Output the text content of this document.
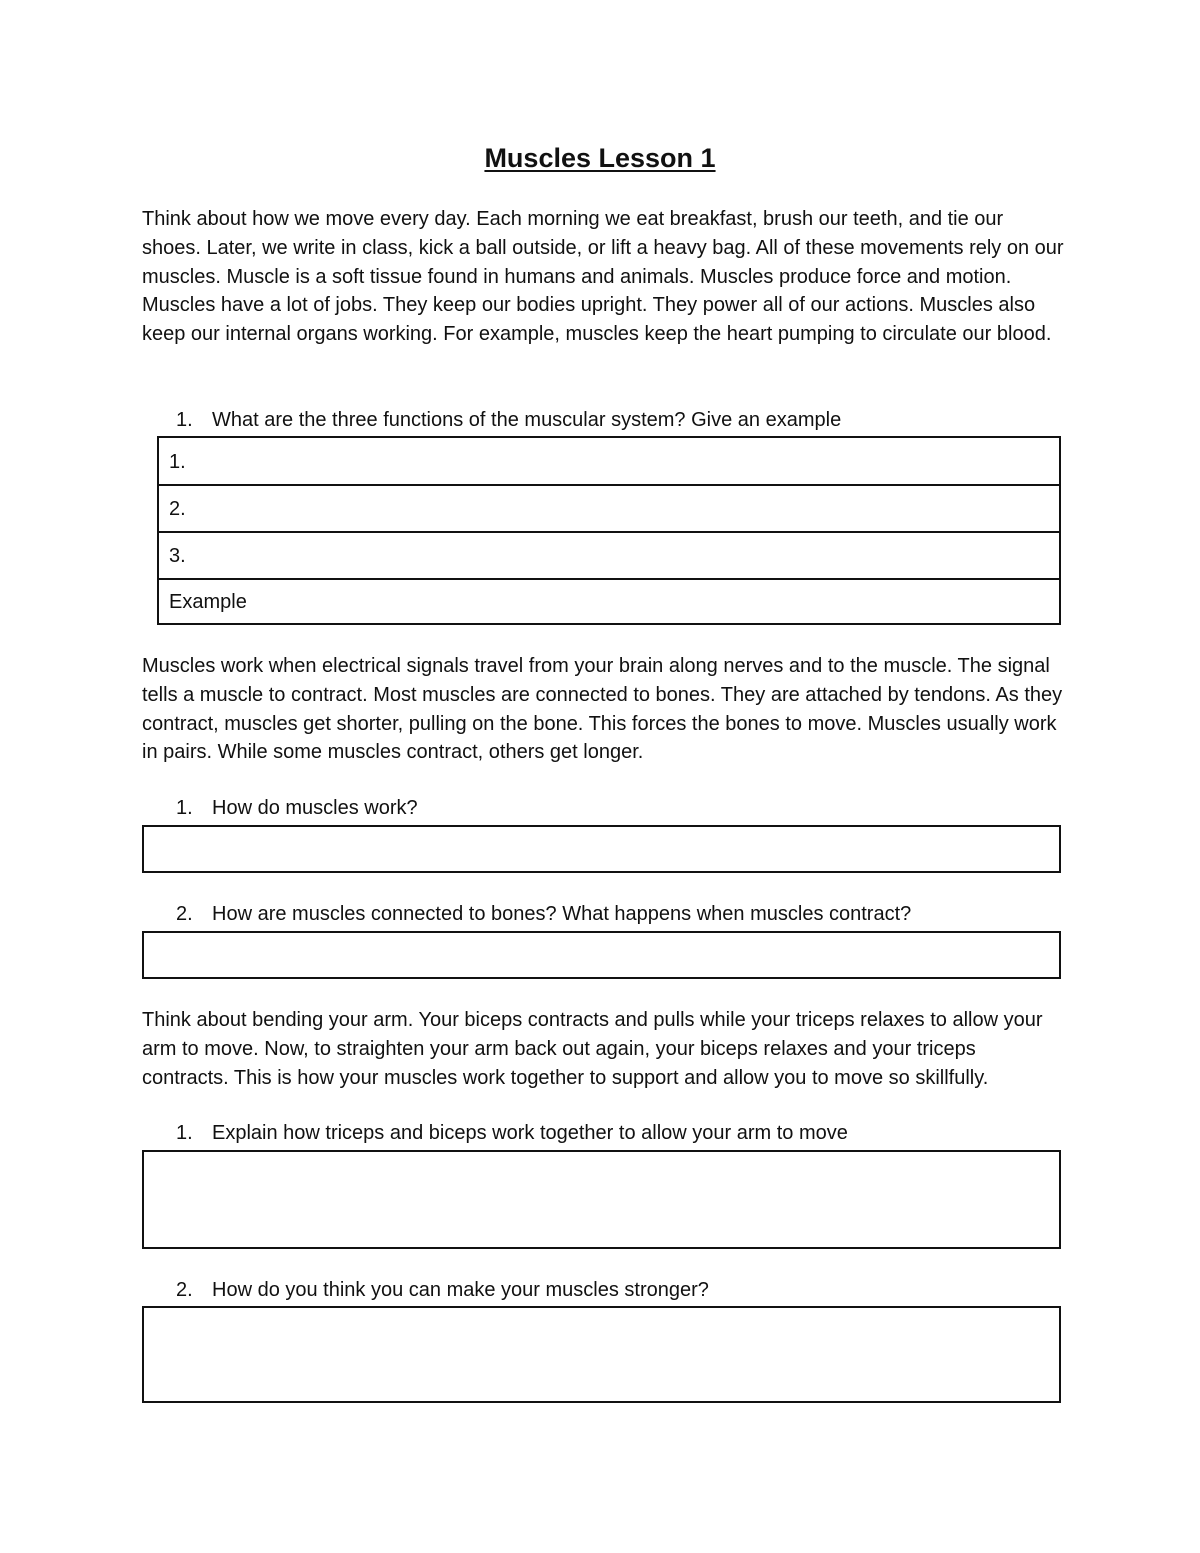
Muscles Lesson 1

Think about how we move every day. Each morning we eat breakfast, brush our teeth, and tie our shoes. Later, we write in class, kick a ball outside, or lift a heavy bag. All of these movements rely on our muscles. Muscle is a soft tissue found in humans and animals. Muscles produce force and motion. Muscles have a lot of jobs. They keep our bodies upright. They power all of our actions. Muscles also keep our internal organs working. For example, muscles keep the heart pumping to circulate our blood.

1. What are the three functions of the muscular system? Give an example
1.
2.
3.
Example

Muscles work when electrical signals travel from your brain along nerves and to the muscle. The signal tells a muscle to contract. Most muscles are connected to bones. They are attached by tendons. As they contract, muscles get shorter, pulling on the bone. This forces the bones to move. Muscles usually work in pairs. While some muscles contract, others get longer.

1. How do muscles work?
2. How are muscles connected to bones? What happens when muscles contract?

Think about bending your arm. Your biceps contracts and pulls while your triceps relaxes to allow your arm to move. Now, to straighten your arm back out again, your biceps relaxes and your triceps contracts. This is how your muscles work together to support and allow you to move so skillfully.

1. Explain how triceps and biceps work together to allow your arm to move
2. How do you think you can make your muscles stronger?
